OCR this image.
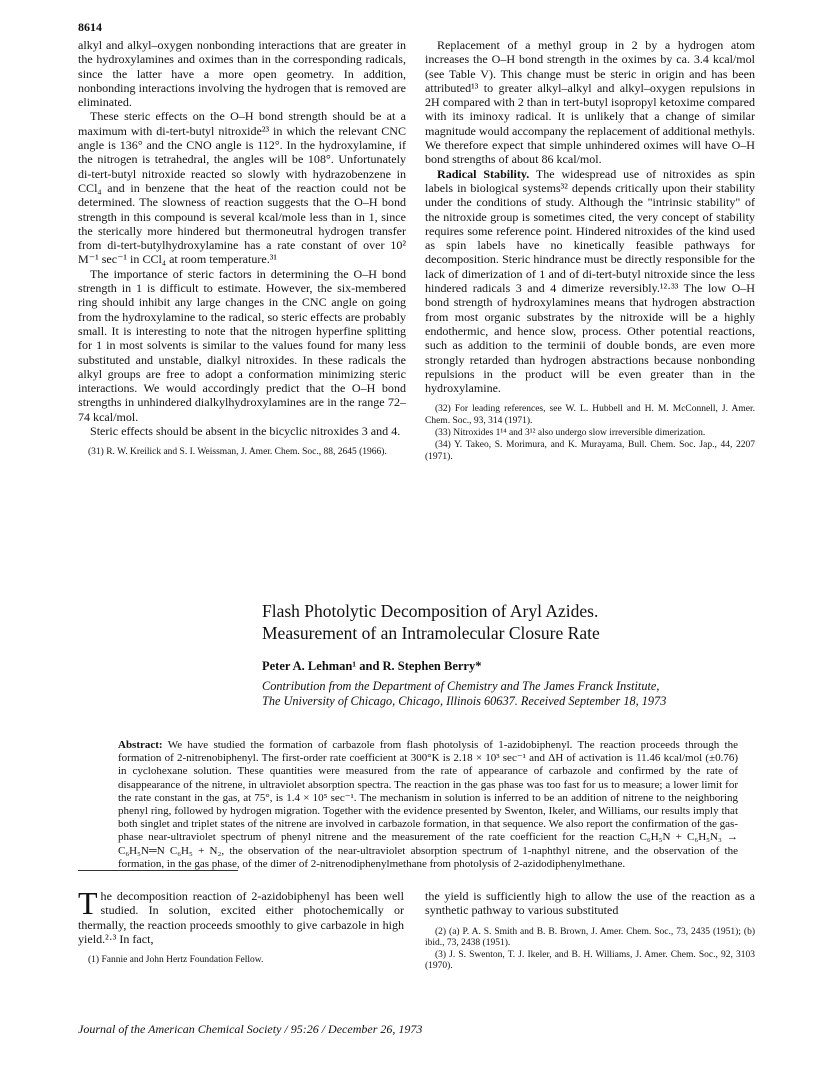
8614

alkyl and alkyl–oxygen nonbonding interactions that are greater in the hydroxylamines and oximes than in the corresponding radicals, since the latter have a more open geometry. In addition, nonbonding interactions involving the hydrogen that is removed are eliminated.

These steric effects on the O–H bond strength should be at a maximum with di-tert-butyl nitroxide²³ in which the relevant CNC angle is 136° and the CNO angle is 112°. In the hydroxylamine, if the nitrogen is tetrahedral, the angles will be 108°. Unfortunately di-tert-butyl nitroxide reacted so slowly with hydrazobenzene in CCl₄ and in benzene that the heat of the reaction could not be determined. The slowness of reaction suggests that the O–H bond strength in this compound is several kcal/mole less than in 1, since the sterically more hindered but thermoneutral hydrogen transfer from di-tert-butylhydroxylamine has a rate constant of over 10² M⁻¹ sec⁻¹ in CCl₄ at room temperature.³¹

The importance of steric factors in determining the O–H bond strength in 1 is difficult to estimate. However, the six-membered ring should inhibit any large changes in the CNC angle on going from the hydroxylamine to the radical, so steric effects are probably small. It is interesting to note that the nitrogen hyperfine splitting for 1 in most solvents is similar to the values found for many less substituted and unstable, dialkyl nitroxides. In these radicals the alkyl groups are free to adopt a conformation minimizing steric interactions. We would accordingly predict that the O–H bond strengths in unhindered dialkylhydroxylamines are in the range 72–74 kcal/mol.

Steric effects should be absent in the bicyclic nitroxides 3 and 4.

(31) R. W. Kreilick and S. I. Weissman, J. Amer. Chem. Soc., 88, 2645 (1966).

Replacement of a methyl group in 2 by a hydrogen atom increases the O–H bond strength in the oximes by ca. 3.4 kcal/mol (see Table V). This change must be steric in origin and has been attributed¹³ to greater alkyl–alkyl and alkyl–oxygen repulsions in 2H compared with 2 than in tert-butyl isopropyl ketoxime compared with its iminoxy radical. It is unlikely that a change of similar magnitude would accompany the replacement of additional methyls. We therefore expect that simple unhindered oximes will have O–H bond strengths of about 86 kcal/mol.

Radical Stability. The widespread use of nitroxides as spin labels in biological systems³² depends critically upon their stability under the conditions of study. Although the "intrinsic stability" of the nitroxide group is sometimes cited, the very concept of stability requires some reference point. Hindered nitroxides of the kind used as spin labels have no kinetically feasible pathways for decomposition. Steric hindrance must be directly responsible for the lack of dimerization of 1 and of di-tert-butyl nitroxide since the less hindered radicals 3 and 4 dimerize reversibly.¹²·³³ The low O–H bond strength of hydroxylamines means that hydrogen abstraction from most organic substrates by the nitroxide will be a highly endothermic, and hence slow, process. Other potential reactions, such as addition to the terminii of double bonds, are even more strongly retarded than hydrogen abstractions because nonbonding repulsions in the product will be even greater than in the hydroxylamine.

(32) For leading references, see W. L. Hubbell and H. M. McConnell, J. Amer. Chem. Soc., 93, 314 (1971).

(33) Nitroxides 1¹⁴ and 3¹² also undergo slow irreversible dimerization.

(34) Y. Takeo, S. Morimura, and K. Murayama, Bull. Chem. Soc. Jap., 44, 2207 (1971).

Flash Photolytic Decomposition of Aryl Azides.
Measurement of an Intramolecular Closure Rate
Peter A. Lehman¹ and R. Stephen Berry*
Contribution from the Department of Chemistry and The James Franck Institute,
The University of Chicago, Chicago, Illinois 60637. Received September 18, 1973
Abstract: We have studied the formation of carbazole from flash photolysis of 1-azidobiphenyl. The reaction proceeds through the formation of 2-nitrenobiphenyl. The first-order rate coefficient at 300°K is 2.18 × 10³ sec⁻¹ and ΔH of activation is 11.46 kcal/mol (±0.76) in cyclohexane solution. These quantities were measured from the rate of appearance of carbazole and confirmed by the rate of disappearance of the nitrene, in ultraviolet absorption spectra. The reaction in the gas phase was too fast for us to measure; a lower limit for the rate constant in the gas, at 75°, is 1.4 × 10⁵ sec⁻¹. The mechanism in solution is inferred to be an addition of nitrene to the neighboring phenyl ring, followed by hydrogen migration. Together with the evidence presented by Swenton, Ikeler, and Williams, our results imply that both singlet and triplet states of the nitrene are involved in carbazole formation, in that sequence. We also report the confirmation of the gas-phase near-ultraviolet spectrum of phenyl nitrene and the measurement of the rate coefficient for the reaction C₆H₅N + C₆H₅N₃ → C₆H₅N═N C₆H₅ + N₂, the observation of the near-ultraviolet absorption spectrum of 1-naphthyl nitrene, and the observation of the formation, in the gas phase, of the dimer of 2-nitrenodiphenylmethane from photolysis of 2-azidodiphenylmethane.

The decomposition reaction of 2-azidobiphenyl has been well studied. In solution, excited either photochemically or thermally, the reaction proceeds smoothly to give carbazole in high yield.²·³ In fact,

(1) Fannie and John Hertz Foundation Fellow.

the yield is sufficiently high to allow the use of the reaction as a synthetic pathway to various substituted

(2) (a) P. A. S. Smith and B. B. Brown, J. Amer. Chem. Soc., 73, 2435 (1951); (b) ibid., 73, 2438 (1951).

(3) J. S. Swenton, T. J. Ikeler, and B. H. Williams, J. Amer. Chem. Soc., 92, 3103 (1970).

Journal of the American Chemical Society / 95:26 / December 26, 1973
